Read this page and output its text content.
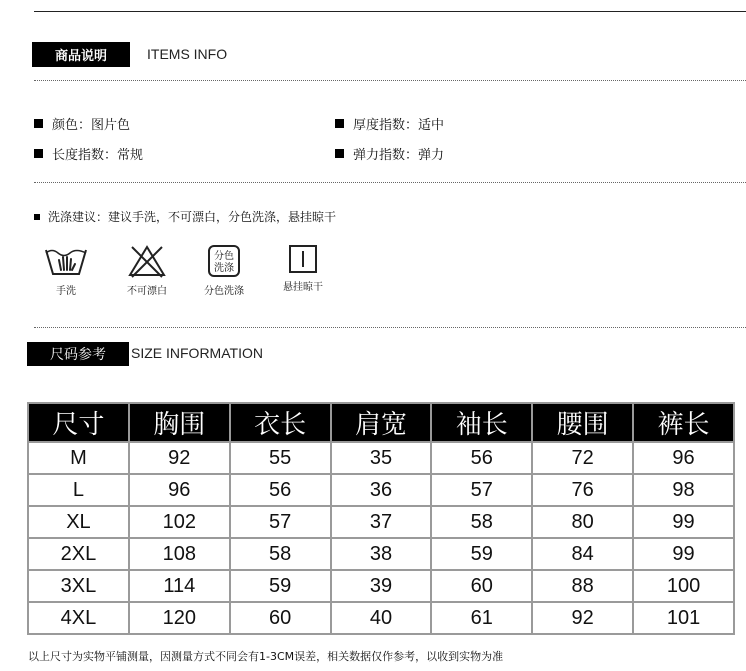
商品说明	ITEMS INFO
颜色：图片色	厚度指数：适中
长度指数：常规	弹力指数：弹力
洗涤建议：建议手洗，不可漂白，分色洗涤，悬挂晾干
手洗	不可漂白
分色
洗涤
分色洗涤	悬挂晾干
尺码参考	SIZE INFORMATION
尺寸	胸围	衣长	肩宽	袖长	腰围	裤长
M	92	55	35	56	72	96
L	96	56	36	57	76	98
XL	102	57	37	58	80	99
2XL	108	58	38	59	84	99
3XL	114	59	39	60	88	100
4XL	120	60	40	61	92	101
以上尺寸为实物平铺测量，因测量方式不同会有1-3CM误差，相关数据仅作参考，以收到实物为准
